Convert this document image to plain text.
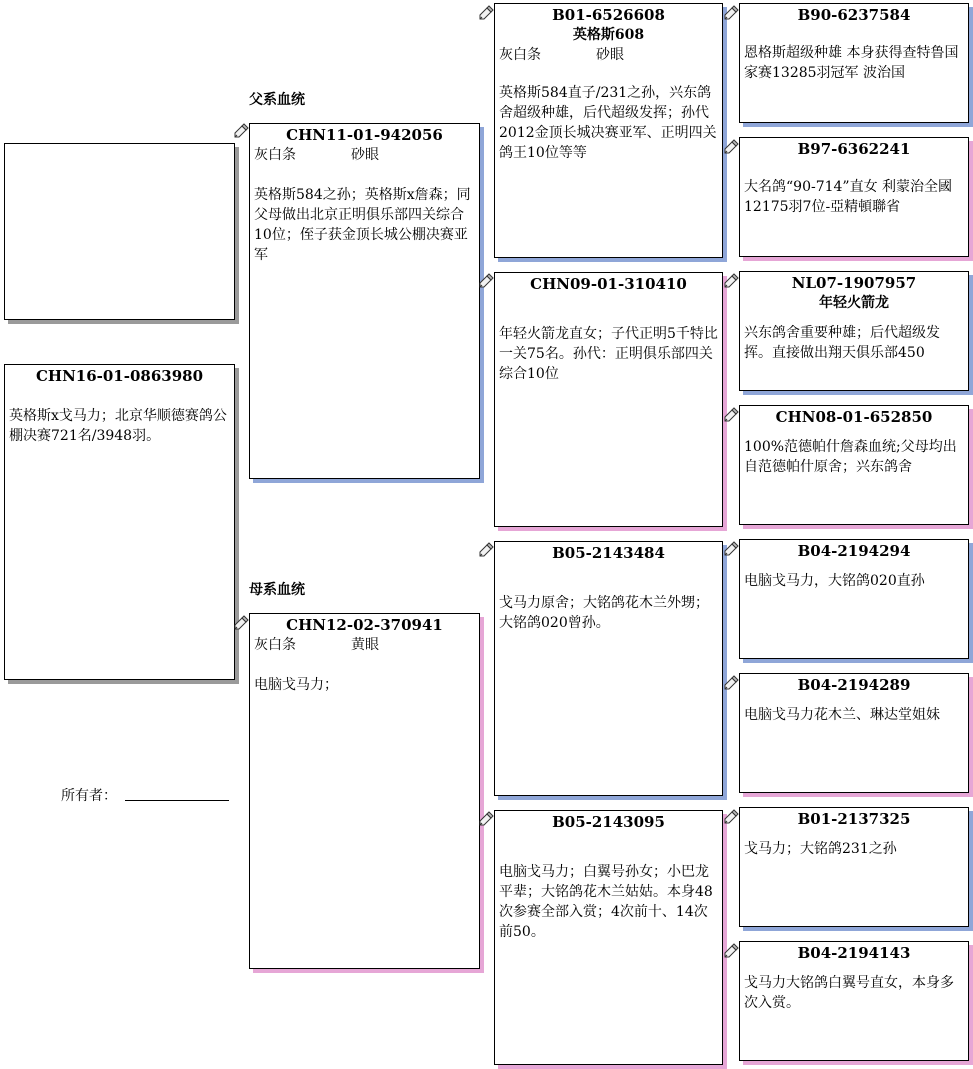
CHN16-01-0863980
英格斯x戈马力；北京华顺德赛鸽公棚决赛721名/3948羽。
父系血统
母系血统
所有者：
CHN11-01-942056
灰白条	砂眼
英格斯584之孙；英格斯x詹森；同父母做出北京正明俱乐部四关综合10位；侄子获金顶长城公棚决赛亚军
CHN12-02-370941
灰白条	黄眼
电脑戈马力；
B01-6526608
英格斯608
灰白条	砂眼
英格斯584直子/231之孙，兴东鸽舍超级种雄，后代超级发挥；孙代2012金顶长城决赛亚军、正明四关鸽王10位等等
CHN09-01-310410
年轻火箭龙直女；子代正明5千特比一关75名。孙代：正明俱乐部四关综合10位
B05-2143484
戈马力原舍；大铭鸽花木兰外甥；大铭鸽020曾孙。
B05-2143095
电脑戈马力；白翼号孙女；小巴龙平辈；大铭鸽花木兰姑姑。本身48次参赛全部入赏；4次前十、14次前50。
B90-6237584
恩格斯超级种雄 本身获得查特鲁国家赛13285羽冠军 波治国
B97-6362241
大名鸽“90-714”直女 利蒙治全國12175羽7位-亞精頓聯省
NL07-1907957
年轻火箭龙
兴东鸽舍重要种雄；后代超级发挥。直接做出翔天俱乐部450
CHN08-01-652850
100%范德帕什詹森血统;父母均出自范德帕什原舍；兴东鸽舍
B04-2194294
电脑戈马力，大铭鸽020直孙
B04-2194289
电脑戈马力花木兰、琳达堂姐妹
B01-2137325
戈马力；大铭鸽231之孙
B04-2194143
戈马力大铭鸽白翼号直女，本身多次入赏。
